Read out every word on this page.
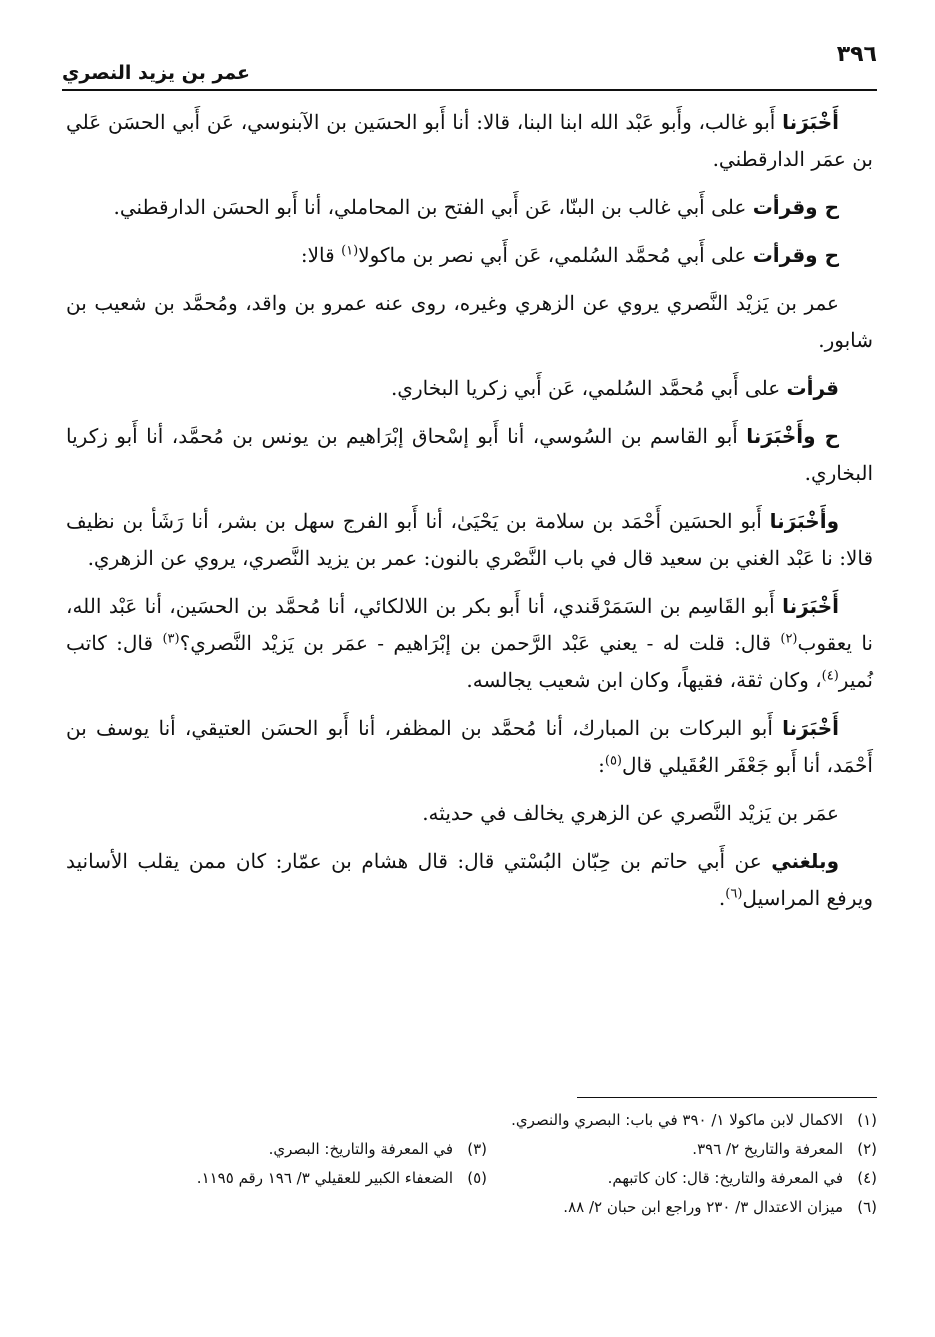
٣٩٦
عمر بن يزيد النصري

أَخْبَرَنا أَبو غالب، وأَبو عَبْد الله ابنا البنا، قالا: أنا أَبو الحسَين بن الآبنوسي، عَن أَبي الحسَن عَلي بن عمَر الدارقطني.

ح وقرأت على أَبي غالب بن البنّا، عَن أَبي الفتح بن المحاملي، أنا أَبو الحسَن الدارقطني.

ح وقرأت على أَبي مُحمَّد السُلمي، عَن أَبي نصر بن ماكولا$^{(١)}$ قالا:

عمر بن يَزيْد النَّصري يروي عن الزهري وغيره، روى عنه عمرو بن واقد، ومُحمَّد بن شعيب بن شابور.

قرأت على أَبي مُحمَّد السُلمي، عَن أَبي زكريا البخاري.

ح وأَخْبَرَنا أَبو القاسم بن السُوسي، أنا أَبو إسْحاق إبْرَاهيم بن يونس بن مُحمَّد، أنا أَبو زكريا البخاري.

وأَخْبَرَنا أَبو الحسَين أَحْمَد بن سلامة بن يَحْيَىٰ، أنا أَبو الفرج سهل بن بشر، أنا رَشَأ بن نظيف قالا: نا عَبْد الغني بن سعيد قال في باب النَّصْري بالنون: عمر بن يزيد النَّصري، يروي عن الزهري.

أَخْبَرَنا أَبو القَاسِم بن السَمَرْقَندي، أنا أَبو بكر بن اللالكائي، أنا مُحمَّد بن الحسَين، أنا عَبْد الله، نا يعقوب$^{(٢)}$ قال: قلت له - يعني عَبْد الرَّحمن بن إبْرَاهيم - عمَر بن يَزيْد النَّصري؟$^{(٣)}$ قال: كاتب نُمير$^{(٤)}$، وكان ثقة، فقيهاً، وكان ابن شعيب يجالسه.

أَخْبَرَنا أَبو البركات بن المبارك، أنا مُحمَّد بن المظفر، أنا أَبو الحسَن العتيقي، أنا يوسف بن أَحْمَد، أنا أَبو جَعْفَر العُقَيلي قال$^{(٥)}$:

عمَر بن يَزيْد النَّصري عن الزهري يخالف في حديثه.

وبلغني عن أَبي حاتم بن حِبّان البُسْتي قال: قال هشام بن عمّار: كان ممن يقلب الأسانيد ويرفع المراسيل$^{(٦)}$.

(١)
الاكمال لابن ماكولا ١/ ٣٩٠ في باب: البصري والنصري.
(٢)
المعرفة والتاريخ ٢/ ٣٩٦.
(٣)
في المعرفة والتاريخ: البصري.
(٤)
في المعرفة والتاريخ: قال: كان كاتبهم.
(٥)
الضعفاء الكبير للعقيلي ٣/ ١٩٦ رقم ١١٩٥.
(٦)
ميزان الاعتدال ٣/ ٢٣٠ وراجع ابن حبان ٢/ ٨٨.
